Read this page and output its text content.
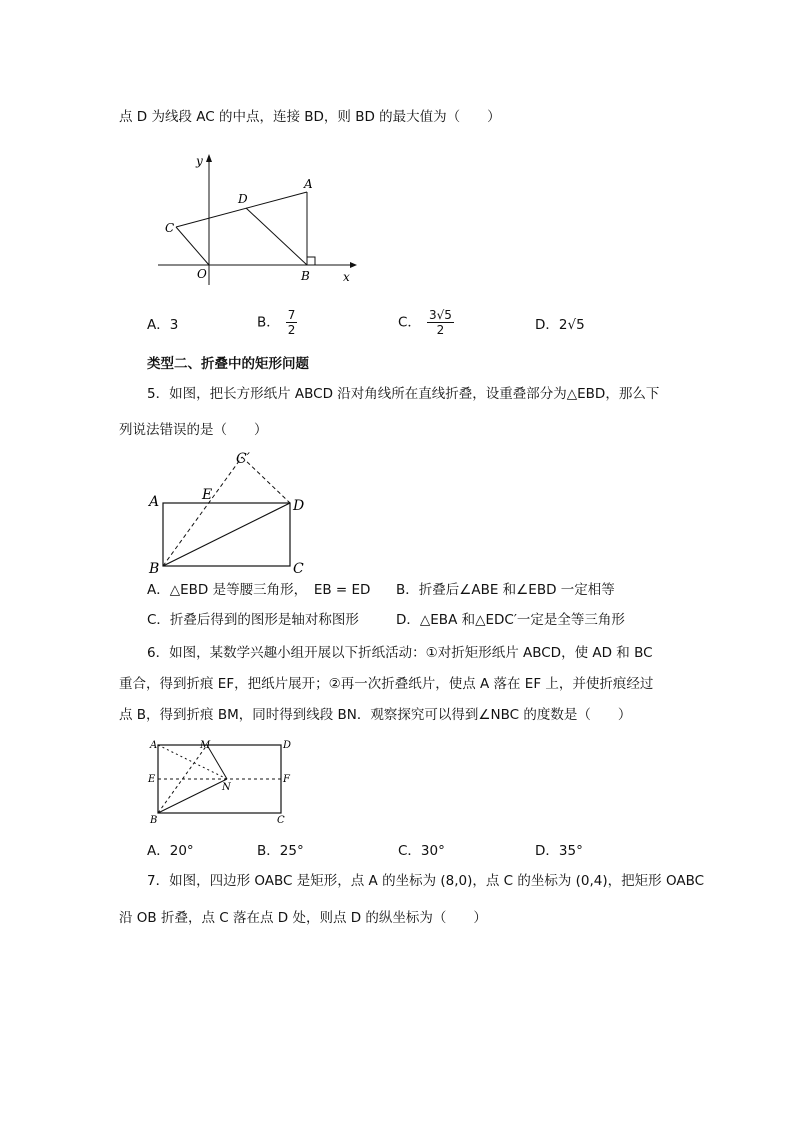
点 D 为线段 AC 的中点，连接 BD，则 BD 的最大值为（　　）
y
x
O
A
B
C
D
A．3	B． $\frac{7}{2}$	C． $\frac{3√5}{2}$	D．2√5
类型二、折叠中的矩形问题
5．如图，把长方形纸片 ABCD 沿对角线所在直线折叠，设重叠部分为△EBD，那么下
列说法错误的是（　　）
A
B	C
D
E
C′
A．△EBD 是等腰三角形，　EB = ED B．折叠后∠ABE 和∠EBD 一定相等
C．折叠后得到的图形是轴对称图形	D．△EBA 和△EDC′一定是全等三角形
6．如图，某数学兴趣小组开展以下折纸活动：①对折矩形纸片 ABCD，使 AD 和 BC
重合，得到折痕 EF，把纸片展开；②再一次折叠纸片，使点 A 落在 EF 上，并使折痕经过
点 B，得到折痕 BM，同时得到线段 BN．观察探究可以得到∠NBC 的度数是（　　）
A	M	D
E	F
N
B	C
A．20°	B．25°	C．30°	D．35°
7．如图，四边形 OABC 是矩形，点 A 的坐标为 (8,0)，点 C 的坐标为 (0,4)，把矩形 OABC
沿 OB 折叠，点 C 落在点 D 处，则点 D 的纵坐标为（　　）
